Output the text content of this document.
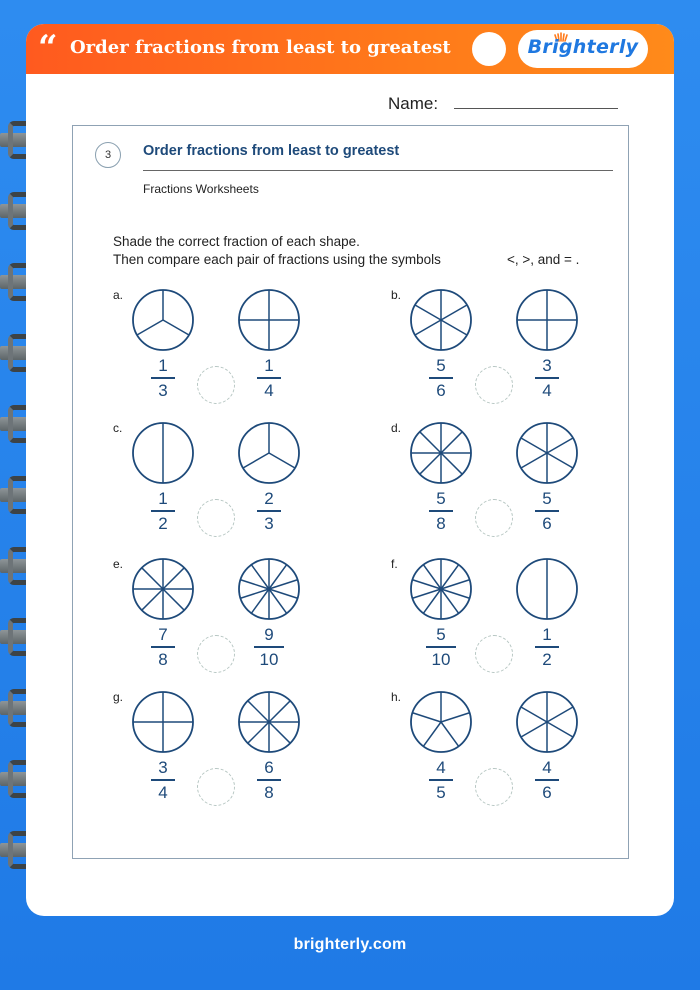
“ Order fractions from least to greatest	Brighterly
Name:
3	Order fractions from least to greatest
Fractions Worksheets
Shade the correct fraction of each shape.
Then compare each pair of fractions using the symbols	<, >, and = .
a.
1
3
1
4
b.
5
6
3
4
c.
1
2
2
3
d.
5
8
5
6
e.
7
8
9
10
f.
5
10
1
2
g.
3
4
6
8
h.
4
5
4
6
brighterly.com
